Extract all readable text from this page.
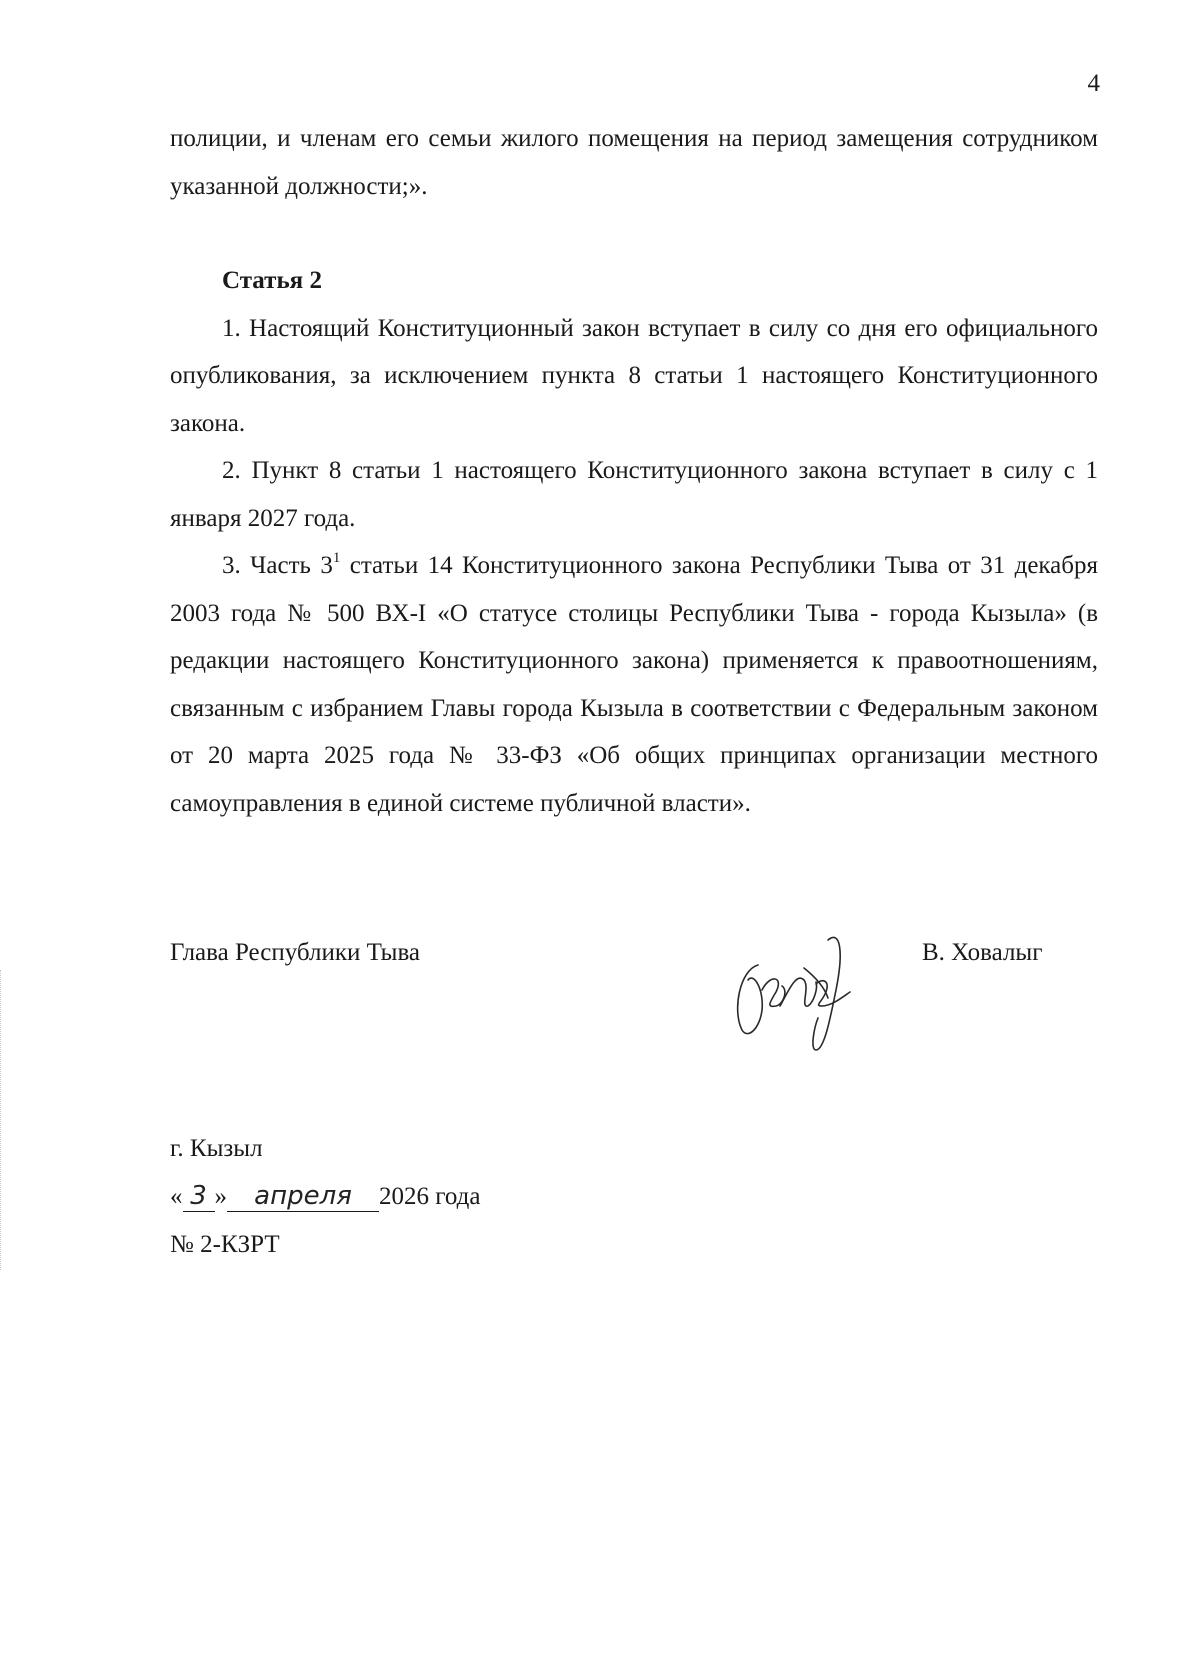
4

полиции, и членам его семьи жилого помещения на период замещения сотрудником указанной должности;».

Статья 2

1. Настоящий Конституционный закон вступает в силу со дня его официального опубликования, за исключением пункта 8 статьи 1 настоящего Конституционного закона.

2. Пункт 8 статьи 1 настоящего Конституционного закона вступает в силу с 1 января 2027 года.

3. Часть $3^1$ статьи 14 Конституционного закона Республики Тыва от 31 декабря 2003 года № 500 ВХ-I «О статусе столицы Республики Тыва - города Кызыла» (в редакции настоящего Конституционного закона) применяется к правоотношениям, связанным с избранием Главы города Кызыла в соответствии с Федеральным законом от 20 марта 2025 года № 33-ФЗ «Об общих принципах организации местного самоуправления в единой системе публичной власти».

Глава Республики Тыва	В. Ховалыг
г. Кызыл
« 3 » апреля 2026 года
№ 2-КЗРТ
